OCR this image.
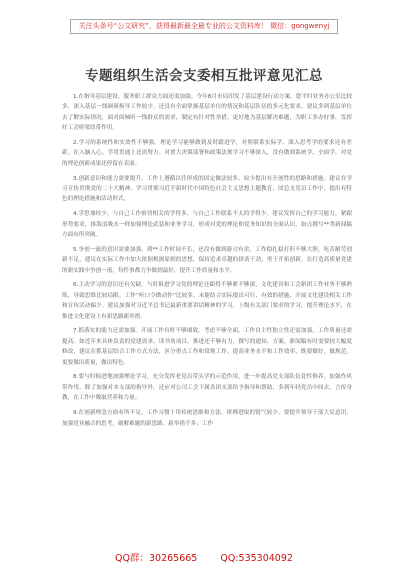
关注头条号“公文研究”，获得最新最全最专业的公文资料库！ 微信：gongwenyj
专题组织生活会支委相互批评意见汇总

1.在指导基层建设、服务职工群众方面还需加强。今年8月市局印发了基层建设行动方案，您平时业务办公室比较多，深入基层一线调研指导工作较少，还没有全面掌握基层单位的情况和基层队伍的多元化要求。建议多到基层单位去了解实际情况，面对面倾听一线群众的需求，制定有针对性举措，更好地为基层解决难题，为职工多办好事，发挥好工会桥梁纽带作用。

2.学习的系统性和实效性不够强。理论学习能够做到及时跟进学，对照联系实际学、深入思考学的要求还有差距。在入脑入心、学用贯通上还需努力。对重大决策部署和政策法规学习不够深入，没有做到系统学、全面学，对党的理论创新成果还停留在表面。

3.创新意识和能力需要提升。工作上遵循以往形成的固定做法较多，较少提出有开创性的思路和措施。建议在学习宣传贯彻党的二十大精神、学习贯彻习近平新时代中国特色社会主义思想主题教育、团总支党员工作中，提出有特色的理论措施和活动形式。

4.学思兼经少，与自己工作密切相关的学得多，与自己工作联系不太的学得少。建议发挥自己的学习能力，紧跟形势要求，推海浪吸水一样加强理论武装和业务学习，形成对党的理论和党务知识的全面认识，如点撰写**类新闻稿方面有所突破。

5.争创一流的意识需要加强。到**工作时间不长，还没有做到游刃有余，工作稳扎稳打但不够大胆，吃苦耐劳创新不足，建议在实际工作中加大依据根据原则的思想，保持追求卓越的拼劲干劲，勇于开拓创新，在打造高质量党建的新实践中争创一流，每件事都力争做到最好，提升工作质量和水平。

6.主动学习的意识还有欠缺。与时俱进学习党的理论还跟得不够紧不够深，文化建设和工会新团工作业务不够熟练，导致思维比较局限。工作“听口令做动作”比较多，未能结合实际提出可行、有效的措施，开展文化建设相关工作和宣传活动偏少。建议加强对习近平总书记最新重要讲话精神的学习，上级有关部门要求的学习，提升理论水平，在推进文化建设上有新思路新举措。

7.抓落实的能力还需加强。开展工作有时不够细致，考虑不够全面，工作自主性独立性还需加强，工作质量还需提高。如近年来具体负责的党建需求、读书角项目，推进还不够有力，撰写的通知、方案、新闻稿有时需要较大幅度修改，建议在抓基层结合工作方式方法，区分重点工作和常规工作，提高业务水平和工作效率，既要做好，做规范，更要做出质量，做出特色。

8.要与时俱进地加强理论学习，充分发挥老党员带头学的示范作用，进一步提高党支部队伍党性修养。加强作风带作用，除了加强对本支部的指导外，还应对公司工会下属各团支部给予指导和帮助，多到年轻党员中间去，言传身教，在工作中吸取营养和力量。

9.在创新理念方面有所不足。工作习惯于用传统思维和方法，拼搏进取的锐气较少。要提升领导干部大局意识，加强党业融合的思考，破解难题的新思路、新举措不多；工作

QQ群：30265665 QQ:535304092
